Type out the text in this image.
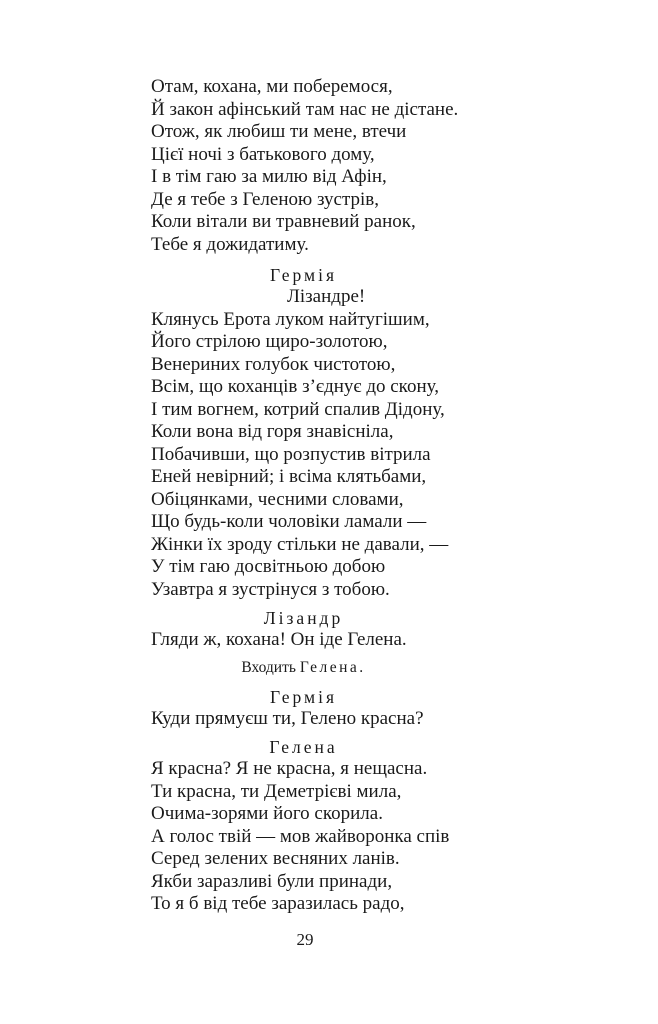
Отам, кохана, ми поберемося,

Й закон афінський там нас не дістане.

Отож, як любиш ти мене, втечи

Цієї ночі з батькового дому,

І в тім гаю за милю від Афін,

Де я тебе з Геленою зустрів,

Коли вітали ви травневий ранок,

Тебе я дожидатиму.

Гермія

Лізандре!

Клянусь Ерота луком найтугішим,

Його стрілою щиро-золотою,

Венериних голубок чистотою,

Всім, що коханців з’єднує до скону,

І тим вогнем, котрий спалив Дідону,

Коли вона від горя знавісніла,

Побачивши, що розпустив вітрила

Еней невірний; і всіма клятьбами,

Обіцянками, чесними словами,

Що будь-коли чоловіки ламали —

Жінки їх зроду стільки не давали, —

У тім гаю досвітньою добою

Узавтра я зустрінуся з тобою.

Лізандр

Гляди ж, кохана! Он іде Гелена.

Входить Гелена.

Гермія

Куди прямуєш ти, Гелено красна?

Гелена

Я красна? Я не красна, я нещасна.

Ти красна, ти Деметрієві мила,

Очима-зорями його скорила.

А голос твій — мов жайворонка спів

Серед зелених весняних ланів.

Якби заразливі були принади,

То я б від тебе заразилась радо,

29
